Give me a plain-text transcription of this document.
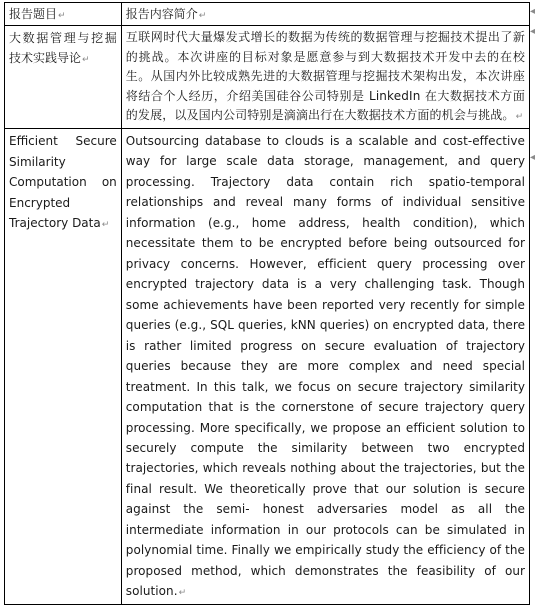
报告题目↵	报告内容简介↵
大数据管理与挖掘技术实践导论↵	互联网时代大量爆发式增长的数据为传统的数据管理与挖掘技术提出了新的挑战。本次讲座的目标对象是愿意参与到大数据技术开发中去的在校生。从国内外比较成熟先进的大数据管理与挖掘技术架构出发，本次讲座将结合个人经历，介绍美国硅谷公司特别是 LinkedIn 在大数据技术方面的发展，以及国内公司特别是滴滴出行在大数据技术方面的机会与挑战。↵
Efficient Secure Similarity Computation on Encrypted Trajectory Data↵	Outsourcing database to clouds is a scalable and cost-effective way for large scale data storage, management, and query processing. Trajectory data contain rich spatio-temporal relationships and reveal many forms of individual sensitive information (e.g., home address, health condition), which necessitate them to be encrypted before being outsourced for privacy concerns. However, efficient query processing over encrypted trajectory data is a very challenging task. Though some achievements have been reported very recently for simple queries (e.g., SQL queries, kNN queries) on encrypted data, there is rather limited progress on secure evaluation of trajectory queries because they are more complex and need special treatment. In this talk, we focus on secure trajectory similarity computation that is the cornerstone of secure trajectory query processing. More specifically, we propose an efficient solution to securely compute the similarity between two encrypted trajectories, which reveals nothing about the trajectories, but the final result. We theoretically prove that our solution is secure against the semi- honest adversaries model as all the intermediate information in our protocols can be simulated in polynomial time. Finally we empirically study the efficiency of the proposed method, which demonstrates the feasibility of our solution.↵
◂
◂
◂
